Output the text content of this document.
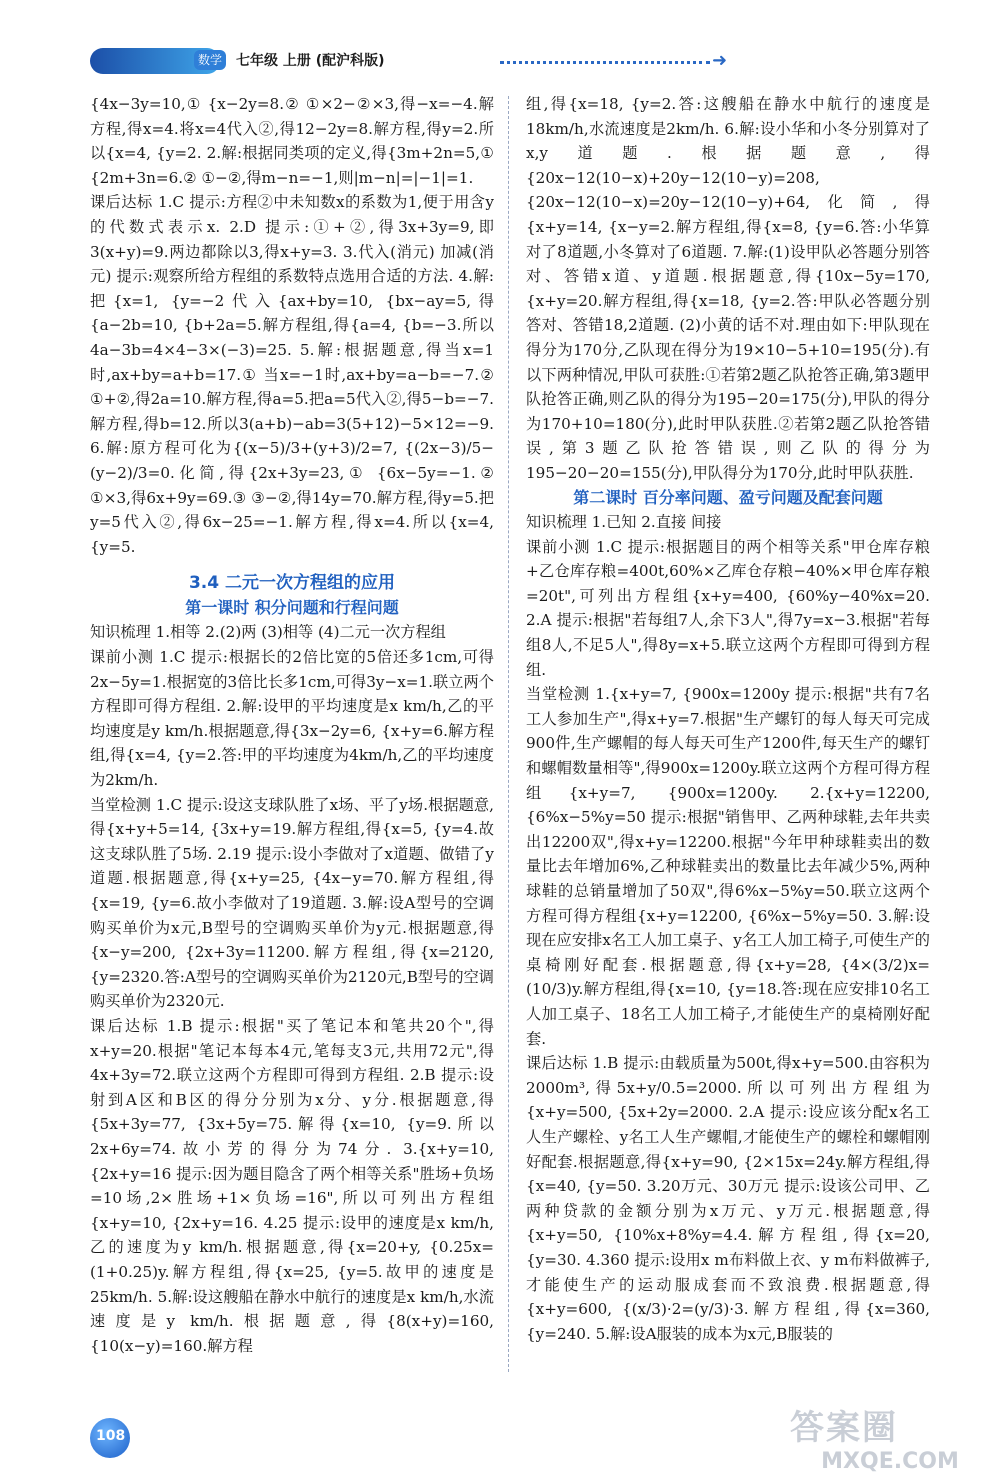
数学 七年级 上册 (配沪科版)	➜

{4x−3y=10,① {x−2y=8.② ①×2−②×3,得−x=−4.解方程,得x=4.将x=4代入②,得12−2y=8.解方程,得y=2.所以{x=4, {y=2. 2.解:根据同类项的定义,得{3m+2n=5,① {2m+3n=6.② ①−②,得m−n=−1,则|m−n|=|−1|=1.

课后达标 1.C 提示:方程②中未知数x的系数为1,便于用含y的代数式表示x. 2.D 提示:①+②,得3x+3y=9,即3(x+y)=9.两边都除以3,得x+y=3. 3.代入(消元) 加减(消元) 提示:观察所给方程组的系数特点选用合适的方法. 4.解:把{x=1, {y=−2代入{ax+by=10, {bx−ay=5,得{a−2b=10, {b+2a=5.解方程组,得{a=4, {b=−3.所以4a−3b=4×4−3×(−3)=25. 5.解:根据题意,得当x=1时,ax+by=a+b=17.① 当x=−1时,ax+by=a−b=−7.② ①+②,得2a=10.解方程,得a=5.把a=5代入②,得5−b=−7.解方程,得b=12.所以3(a+b)−ab=3(5+12)−5×12=−9. 6.解:原方程可化为{(x−5)/3+(y+3)/2=7, {(2x−3)/5−(y−2)/3=0.化简,得{2x+3y=23,① {6x−5y=−1.② ①×3,得6x+9y=69.③ ③−②,得14y=70.解方程,得y=5.把y=5代入②,得6x−25=−1.解方程,得x=4.所以{x=4, {y=5.

3.4 二元一次方程组的应用

第一课时 积分问题和行程问题

知识梳理 1.相等 2.(2)两 (3)相等 (4)二元一次方程组

课前小测 1.C 提示:根据长的2倍比宽的5倍还多1cm,可得2x−5y=1.根据宽的3倍比长多1cm,可得3y−x=1.联立两个方程即可得方程组. 2.解:设甲的平均速度是x km/h,乙的平均速度是y km/h.根据题意,得{3x−2y=6, {x+y=6.解方程组,得{x=4, {y=2.答:甲的平均速度为4km/h,乙的平均速度为2km/h.

当堂检测 1.C 提示:设这支球队胜了x场、平了y场.根据题意,得{x+y+5=14, {3x+y=19.解方程组,得{x=5, {y=4.故这支球队胜了5场. 2.19 提示:设小李做对了x道题、做错了y道题.根据题意,得{x+y=25, {4x−y=70.解方程组,得{x=19, {y=6.故小李做对了19道题. 3.解:设A型号的空调购买单价为x元,B型号的空调购买单价为y元.根据题意,得{x−y=200, {2x+3y=11200.解方程组,得{x=2120, {y=2320.答:A型号的空调购买单价为2120元,B型号的空调购买单价为2320元.

课后达标 1.B 提示:根据"买了笔记本和笔共20个",得x+y=20.根据"笔记本每本4元,笔每支3元,共用72元",得4x+3y=72.联立这两个方程即可得到方程组. 2.B 提示:设射到A区和B区的得分分别为x分、y分.根据题意,得{5x+3y=77, {3x+5y=75.解得{x=10, {y=9.所以2x+6y=74.故小芳的得分为74分. 3.{x+y=10, {2x+y=16 提示:因为题目隐含了两个相等关系"胜场+负场=10场,2×胜场+1×负场=16",所以可列出方程组{x+y=10, {2x+y=16. 4.25 提示:设甲的速度是x km/h,乙的速度为y km/h.根据题意,得{x=20+y, {0.25x=(1+0.25)y.解方程组,得{x=25, {y=5.故甲的速度是25km/h. 5.解:设这艘船在静水中航行的速度是x km/h,水流速度是y km/h.根据题意,得{8(x+y)=160, {10(x−y)=160.解方程

组,得{x=18, {y=2.答:这艘船在静水中航行的速度是18km/h,水流速度是2km/h. 6.解:设小华和小冬分别算对了x,y道题.根据题意,得{20x−12(10−x)+20y−12(10−y)=208, {20x−12(10−x)=20y−12(10−y)+64,化简,得{x+y=14, {x−y=2.解方程组,得{x=8, {y=6.答:小华算对了8道题,小冬算对了6道题. 7.解:(1)设甲队必答题分别答对、答错x道、y道题.根据题意,得{10x−5y=170, {x+y=20.解方程组,得{x=18, {y=2.答:甲队必答题分别答对、答错18,2道题. (2)小黄的话不对.理由如下:甲队现在得分为170分,乙队现在得分为19×10−5+10=195(分).有以下两种情况,甲队可获胜:①若第2题乙队抢答正确,第3题甲队抢答正确,则乙队的得分为195−20=175(分),甲队的得分为170+10=180(分),此时甲队获胜.②若第2题乙队抢答错误,第3题乙队抢答错误,则乙队的得分为195−20−20=155(分),甲队得分为170分,此时甲队获胜.

第二课时 百分率问题、盈亏问题及配套问题

知识梳理 1.已知 2.直接 间接

课前小测 1.C 提示:根据题目的两个相等关系"甲仓库存粮+乙仓库存粮=400t,60%×乙库仓存粮−40%×甲仓库存粮=20t",可列出方程组{x+y=400, {60%y−40%x=20. 2.A 提示:根据"若每组7人,余下3人",得7y=x−3.根据"若每组8人,不足5人",得8y=x+5.联立这两个方程即可得到方程组.

当堂检测 1.{x+y=7, {900x=1200y 提示:根据"共有7名工人参加生产",得x+y=7.根据"生产螺钉的每人每天可完成900件,生产螺帽的每人每天可生产1200件,每天生产的螺钉和螺帽数量相等",得900x=1200y.联立这两个方程可得方程组{x+y=7, {900x=1200y. 2.{x+y=12200, {6%x−5%y=50 提示:根据"销售甲、乙两种球鞋,去年共卖出12200双",得x+y=12200.根据"今年甲种球鞋卖出的数量比去年增加6%,乙种球鞋卖出的数量比去年减少5%,两种球鞋的总销量增加了50双",得6%x−5%y=50.联立这两个方程可得方程组{x+y=12200, {6%x−5%y=50. 3.解:设现在应安排x名工人加工桌子、y名工人加工椅子,可使生产的桌椅刚好配套.根据题意,得{x+y=28, {4×(3/2)x=(10/3)y.解方程组,得{x=10, {y=18.答:现在应安排10名工人加工桌子、18名工人加工椅子,才能使生产的桌椅刚好配套.

课后达标 1.B 提示:由载质量为500t,得x+y=500.由容积为2000m³,得5x+y/0.5=2000.所以可列出方程组为{x+y=500, {5x+2y=2000. 2.A 提示:设应该分配x名工人生产螺栓、y名工人生产螺帽,才能使生产的螺栓和螺帽刚好配套.根据题意,得{x+y=90, {2×15x=24y.解方程组,得{x=40, {y=50. 3.20万元、30万元 提示:设该公司甲、乙两种贷款的金额分别为x万元、y万元.根据题意,得{x+y=50, {10%x+8%y=4.4.解方程组,得{x=20, {y=30. 4.360 提示:设用x m布料做上衣、y m布料做裤子,才能使生产的运动服成套而不致浪费.根据题意,得{x+y=600, {(x/3)·2=(y/3)·3.解方程组,得{x=360, {y=240. 5.解:设A服装的成本为x元,B服装的

108	答案圈
MXQE.COM
